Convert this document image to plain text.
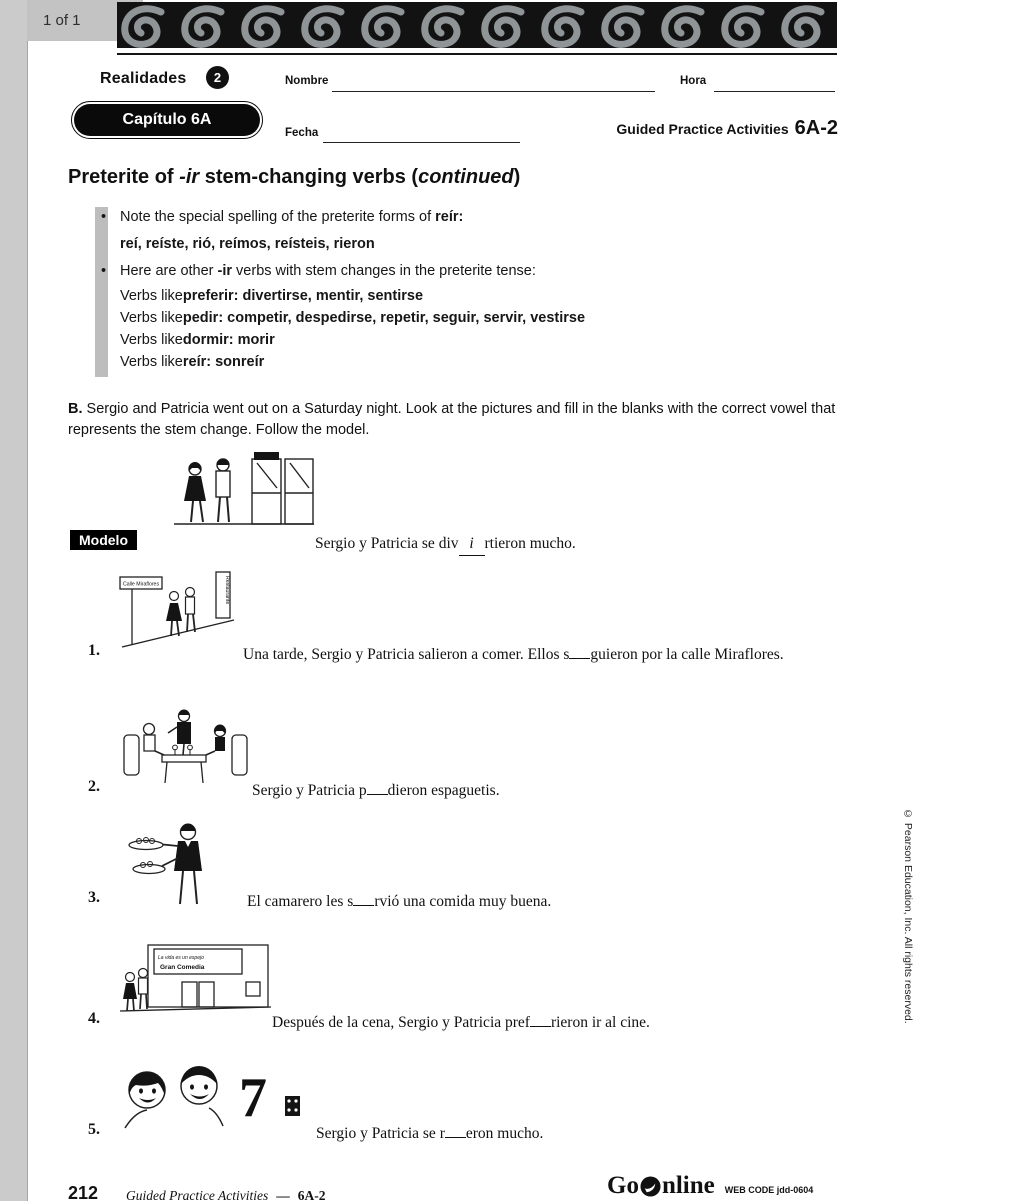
1 of 1
Realidades	2	Nombre	Hora
Capítulo 6A
Fecha	Guided Practice Activities 6A-2
Preterite of -ir stem-changing verbs (continued)
• Note the special spelling of the preterite forms of reír:
reí, reíste, rió, reímos, reísteis, rieron
• Here are other -ir verbs with stem changes in the preterite tense:
Verbs like preferir: divertirse, mentir, sentirse
Verbs like pedir: competir, despedirse, repetir, seguir, servir, vestirse
Verbs like dormir: morir
Verbs like reír: sonreír

B. Sergio and Patricia went out on a Saturday night. Look at the pictures and fill in the blanks with the correct vowel that represents the stem change. Follow the model.

Modelo	Sergio y Patricia se div i rtieron mucho.

Calle Miraflores	Restaurante
1.	Una tarde, Sergio y Patricia salieron a comer. Ellos s guieron por la calle Miraflores.

2.	Sergio y Patricia p dieron espaguetis.

3.	El camarero les s rvió una comida muy buena.

La vida es un espejo
Gran Comedia
4.	Después de la cena, Sergio y Patricia pref rieron ir al cine.

7
5.	Sergio y Patricia se r eron mucho.

© Pearson Education, Inc. All rights reserved.
212 Guided Practice Activities — 6A-2	Go nline WEB CODE jdd-0604
